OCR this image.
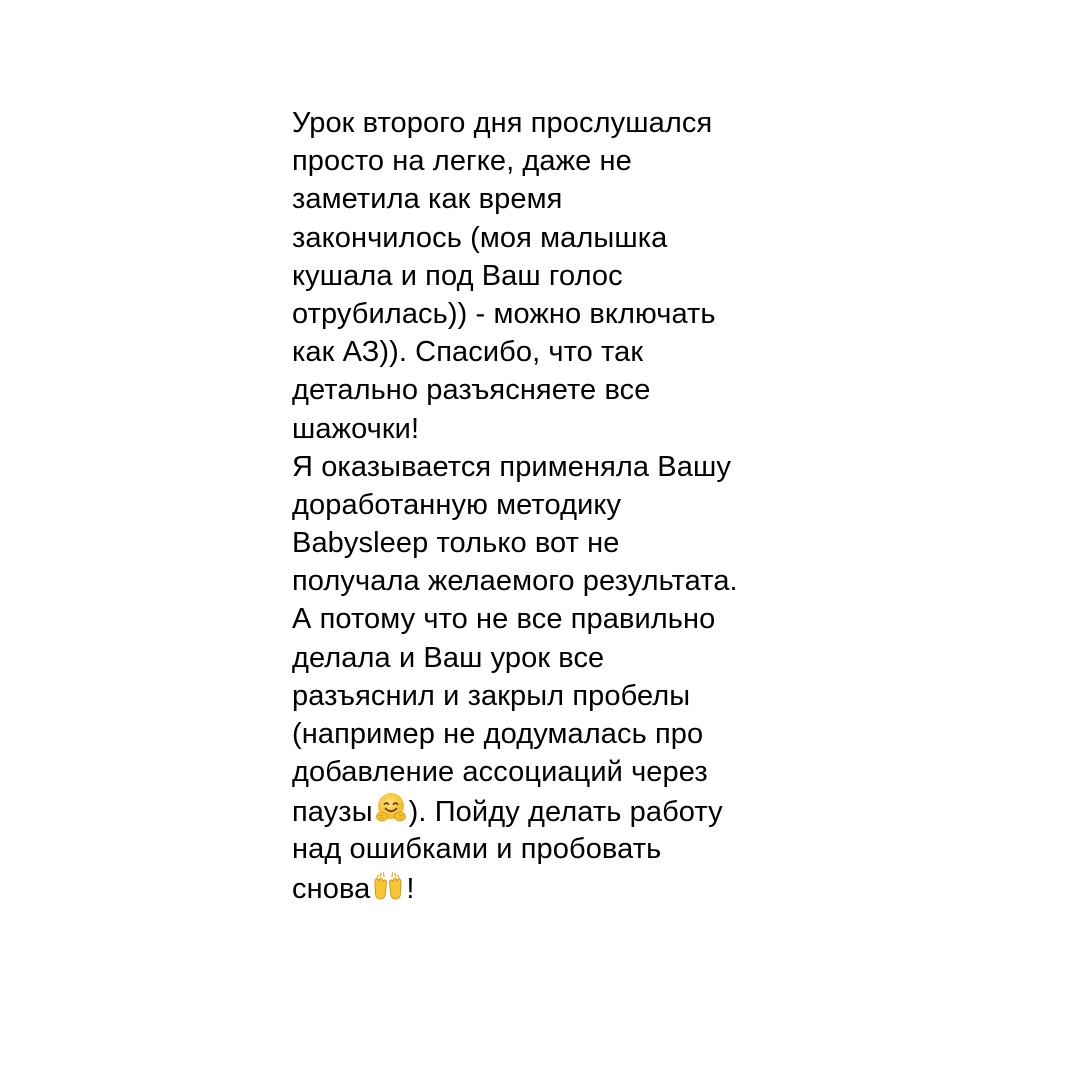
Урок второго дня прослушался
просто на легке, даже не
заметила как время
закончилось (моя малышка
кушала и под Ваш голос
отрубилась)) - можно включать
как АЗ)). Спасибо, что так
детально разъясняете все
шажочки!
Я оказывается применяла Вашу
доработанную методику
Babysleep только вот не
получала желаемого результата.
А потому что не все правильно
делала и Ваш урок все
разъяснил и закрыл пробелы
(например не додумалась про
добавление ассоциаций через
паузы ). Пойду делать работу
над ошибками и пробовать
снова !
